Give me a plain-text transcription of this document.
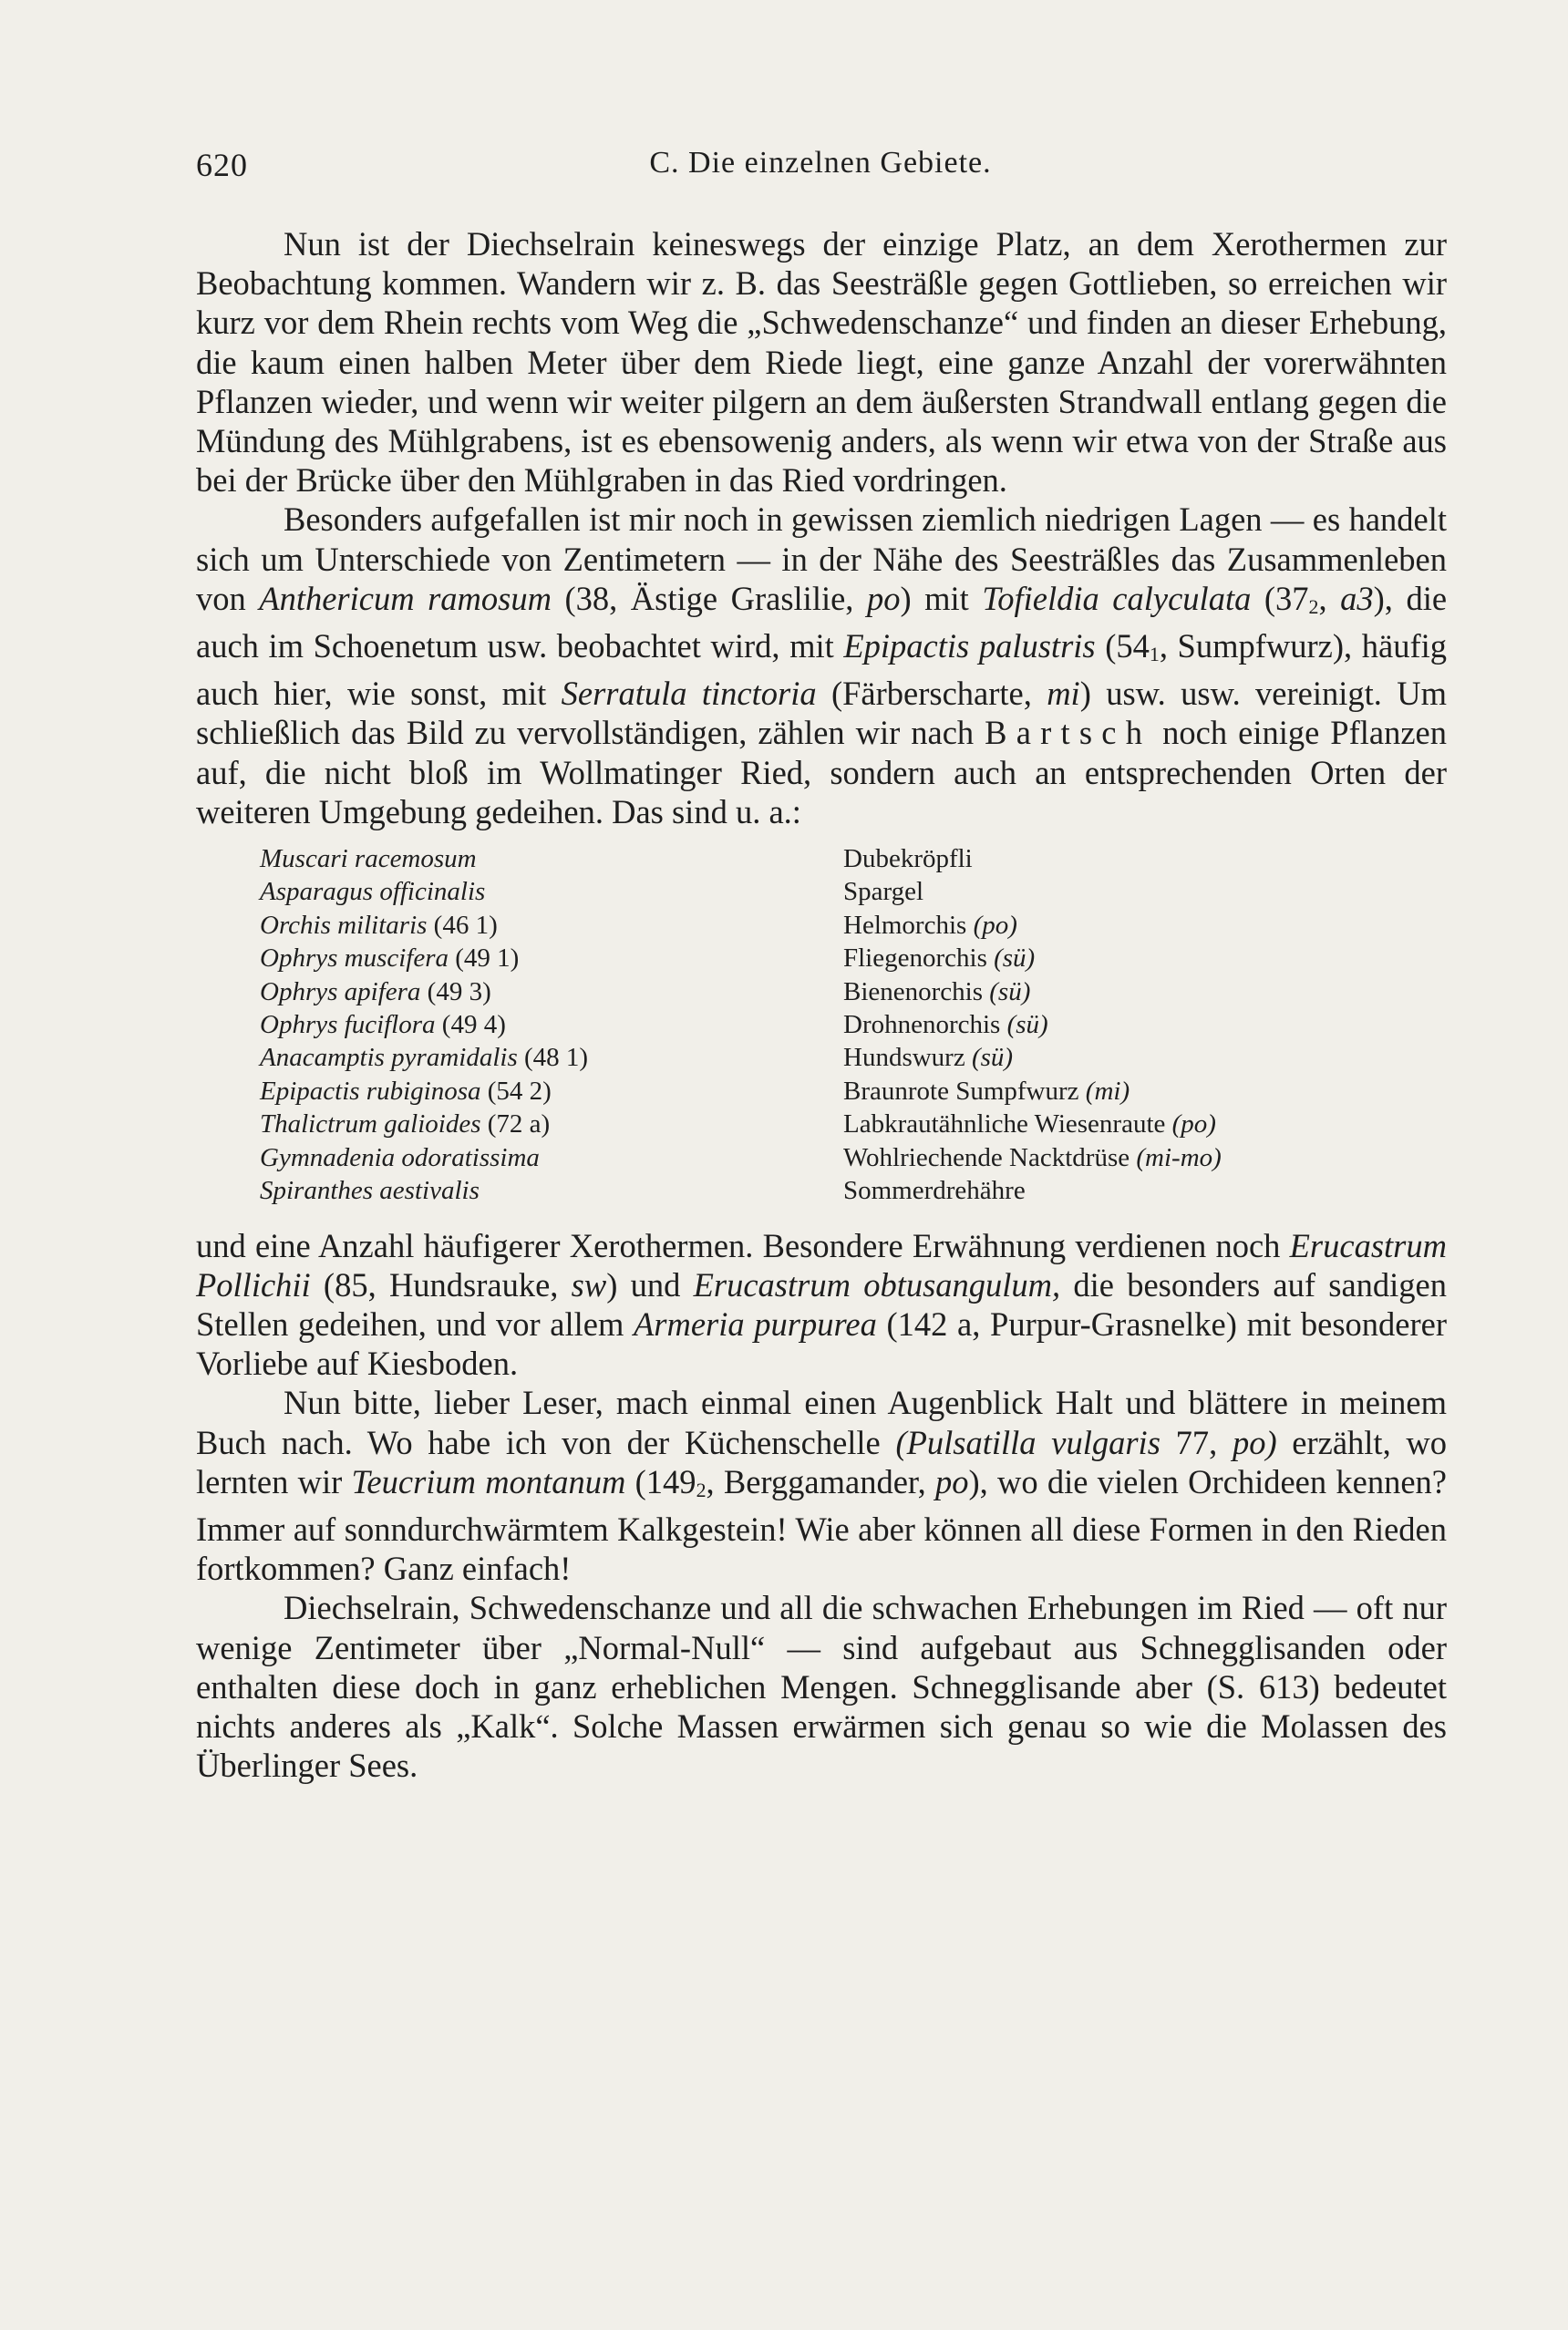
C. Die einzelnen Gebiete.
620

Nun ist der Diechselrain keineswegs der einzige Platz, an dem Xerothermen zur Beobachtung kommen. Wandern wir z. B. das Seesträßle gegen Gottlieben, so erreichen wir kurz vor dem Rhein rechts vom Weg die „Schwedenschanze“ und finden an dieser Erhebung, die kaum einen halben Meter über dem Riede liegt, eine ganze Anzahl der vorerwähnten Pflanzen wieder, und wenn wir weiter pilgern an dem äußersten Strandwall entlang gegen die Mündung des Mühlgrabens, ist es ebensowenig anders, als wenn wir etwa von der Straße aus bei der Brücke über den Mühlgraben in das Ried vordringen.

Besonders aufgefallen ist mir noch in gewissen ziemlich niedrigen Lagen — es handelt sich um Unterschiede von Zentimetern — in der Nähe des Seesträßles das Zusammenleben von Anthericum ramosum (38, Ästige Graslilie, po) mit Tofieldia calyculata ($37_2$, a3), die auch im Schoenetum usw. beobachtet wird, mit Epipactis palustris ($54_1$, Sumpfwurz), häufig auch hier, wie sonst, mit Serratula tinctoria (Färberscharte, mi) usw. usw. vereinigt. Um schließlich das Bild zu vervollständigen, zählen wir nach Bartsch noch einige Pflanzen auf, die nicht bloß im Wollmatinger Ried, sondern auch an entsprechenden Orten der weiteren Umgebung gedeihen. Das sind u. a.:

Muscari racemosum	Dubekröpfli
Asparagus officinalis	Spargel
Orchis militaris (46 1)	Helmorchis (po)
Ophrys muscifera (49 1)	Fliegenorchis (sü)
Ophrys apifera (49 3)	Bienenorchis (sü)
Ophrys fuciflora (49 4)	Drohnenorchis (sü)
Anacamptis pyramidalis (48 1)	Hundswurz (sü)
Epipactis rubiginosa (54 2)	Braunrote Sumpfwurz (mi)
Thalictrum galioides (72 a)	Labkrautähnliche Wiesenraute (po)
Gymnadenia odoratissima	Wohlriechende Nacktdrüse (mi-mo)
Spiranthes aestivalis	Sommerdrehähre

und eine Anzahl häufigerer Xerothermen. Besondere Erwähnung verdienen noch Erucastrum Pollichii (85, Hundsrauke, sw) und Erucastrum obtusangulum, die besonders auf sandigen Stellen gedeihen, und vor allem Armeria purpurea (142 a, Purpur-Grasnelke) mit besonderer Vorliebe auf Kiesboden.

Nun bitte, lieber Leser, mach einmal einen Augenblick Halt und blättere in meinem Buch nach. Wo habe ich von der Küchenschelle (Pulsatilla vulgaris 77, po) erzählt, wo lernten wir Teucrium montanum ($149_2$, Berggamander, po), wo die vielen Orchideen kennen? Immer auf sonndurchwärmtem Kalkgestein! Wie aber können all diese Formen in den Rieden fortkommen? Ganz einfach!

Diechselrain, Schwedenschanze und all die schwachen Erhebungen im Ried — oft nur wenige Zentimeter über „Normal-Null“ — sind aufgebaut aus Schnegglisanden oder enthalten diese doch in ganz erheblichen Mengen. Schnegglisande aber (S. 613) bedeutet nichts anderes als „Kalk“. Solche Massen erwärmen sich genau so wie die Molassen des Überlinger Sees.
